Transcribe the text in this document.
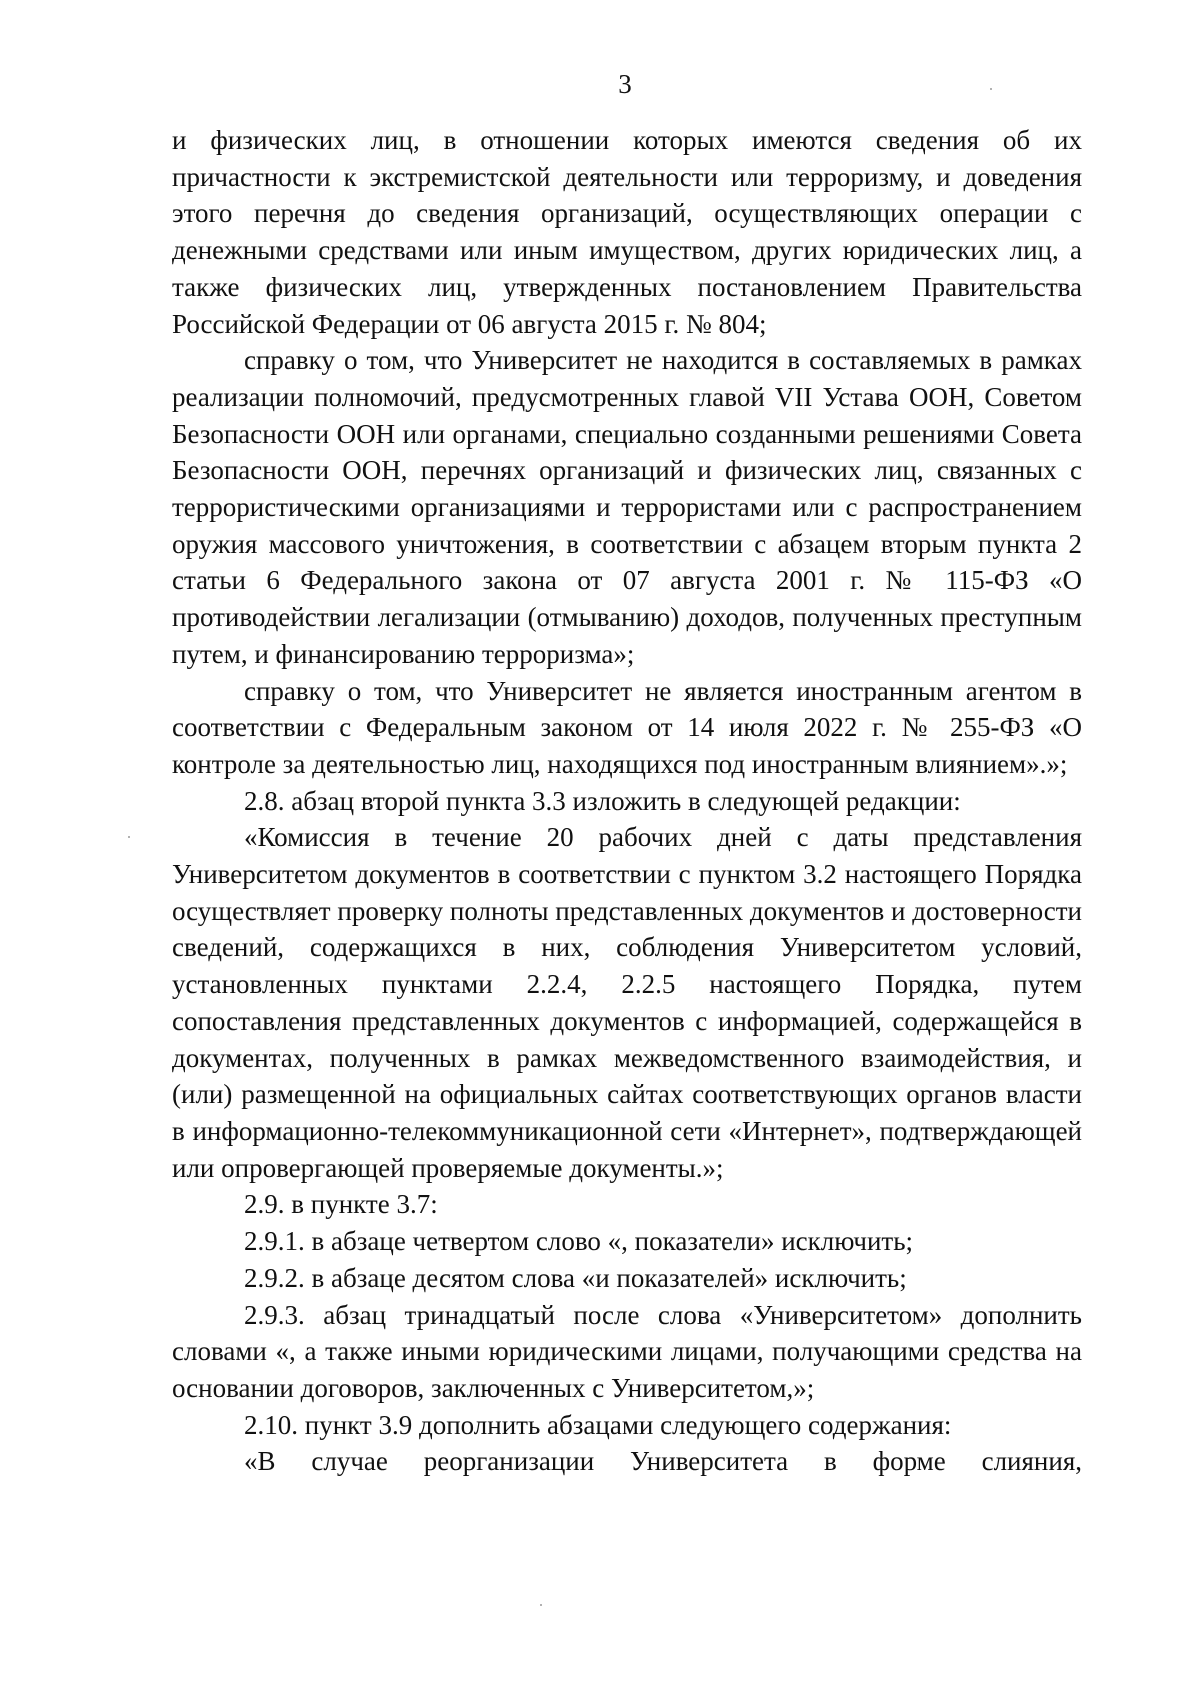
3

и физических лиц, в отношении которых имеются сведения об их причастности к экстремистской деятельности или терроризму, и доведения этого перечня до сведения организаций, осуществляющих операции с денежными средствами или иным имуществом, других юридических лиц, а также физических лиц, утвержденных постановлением Правительства Российской Федерации от 06 августа 2015 г. № 804;

справку о том, что Университет не находится в составляемых в рамках реализации полномочий, предусмотренных главой VII Устава ООН, Советом Безопасности ООН или органами, специально созданными решениями Совета Безопасности ООН, перечнях организаций и физических лиц, связанных с террористическими организациями и террористами или с распространением оружия массового уничтожения, в соответствии с абзацем вторым пункта 2 статьи 6 Федерального закона от 07 августа 2001 г. № 115-ФЗ «О противодействии легализации (отмыванию) доходов, полученных преступным путем, и финансированию терроризма»;

справку о том, что Университет не является иностранным агентом в соответствии с Федеральным законом от 14 июля 2022 г. № 255-ФЗ «О контроле за деятельностью лиц, находящихся под иностранным влиянием».»;

2.8. абзац второй пункта 3.3 изложить в следующей редакции:

«Комиссия в течение 20 рабочих дней с даты представления Университетом документов в соответствии с пунктом 3.2 настоящего Порядка осуществляет проверку полноты представленных документов и достоверности сведений, содержащихся в них, соблюдения Университетом условий, установленных пунктами 2.2.4, 2.2.5 настоящего Порядка, путем сопоставления представленных документов с информацией, содержащейся в документах, полученных в рамках межведомственного взаимодействия, и (или) размещенной на официальных сайтах соответствующих органов власти в информационно-телекоммуникационной сети «Интернет», подтверждающей или опровергающей проверяемые документы.»;

2.9. в пункте 3.7:

2.9.1. в абзаце четвертом слово «, показатели» исключить;

2.9.2. в абзаце десятом слова «и показателей» исключить;

2.9.3. абзац тринадцатый после слова «Университетом» дополнить словами «, а также иными юридическими лицами, получающими средства на основании договоров, заключенных с Университетом,»;

2.10. пункт 3.9 дополнить абзацами следующего содержания:

«В случае реорганизации Университета в форме слияния,
